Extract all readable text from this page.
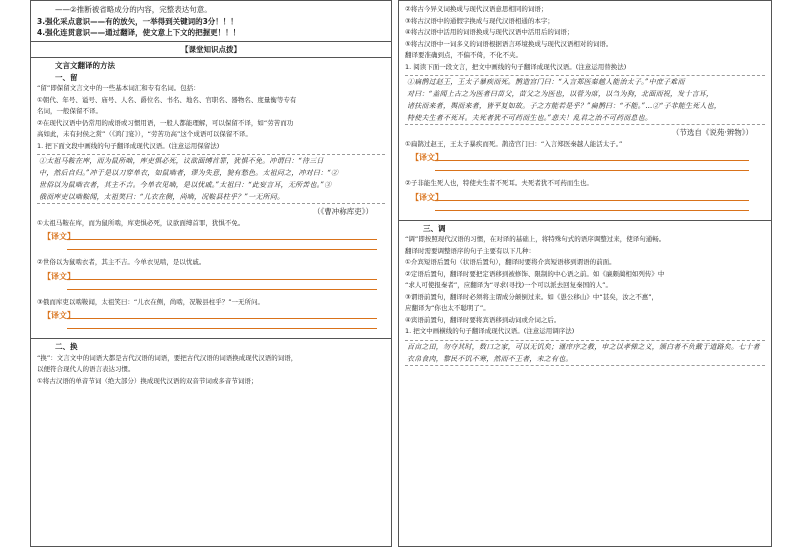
——②推断被省略成分的内容，完整表达句意。
3.强化采点意识——有的放矢，一举得到关键词的3分！！！
4.强化连贯意识——通过翻译，使文意上下文的把握更！！！
【课堂知识点拨】
文言文翻译的方法
一、留
“留”即保留文言文中的一些基本词汇和专有名词。包括：
①朝代、年号、谥号、庙号、人名、爵位名、书名、地名、官职名、器物名、度量衡等专有
名词，一般保留不译。
②在现代汉语中仍常用的成语或习惯用语，一般人都能理解，可以保留不译，如“劳苦而功
高如此，未有封侯之赏”（《鸿门宴》），“劳苦功高”这个成语可以保留不译。
1. 把下面文段中画线的句子翻译成现代汉语。(注意运用保留法)
①太祖马鞍在库，而为鼠所啮，库吏惧必死，议欲面缚首罪，犹惧不免。冲谓曰：“待三日
中，然后自归。”冲于是以刀穿单衣，如鼠啮者，谬为失意，貌有愁色。太祖问之，冲对曰：“②
世俗以为鼠啮衣者，其主不吉。今单衣见啮，是以忧戚。”太祖曰：“此妄言耳，无所苦也。”③
俄而库吏以啮鞍闻，太祖笑曰：“儿衣在侧，尚啮，况鞍县柱乎？”一无所问。
（《曹冲称库吏》）
①太祖马鞍在库，而为鼠所啮，库吏惧必死，议欲面缚首罪，犹惧不免。
【译文】
②世俗以为鼠啮衣者，其主不吉。今单衣见啮，是以忧戚。
【译文】
③俄而库吏以啮鞍闻，太祖笑曰：“儿衣在侧，尚啮，况鞍县柱乎？”一无所问。
【译文】
二、换
“换”：文言文中的词语大都是古代汉语的词语，要把古代汉语的词语换成现代汉语的词语，
以便符合现代人的语言表达习惯。
①将古汉语的单音节词（绝大部分）换成现代汉语的双音节词或多音节词语；
②将古今异义词换成与现代汉语意思相同的词语；
③将古汉语中的通假字换成与现代汉语相通的本字；
④将古汉语中活用的词语换成与现代汉语中活用后的词语；
⑤将古汉语中一词多义的词语根据语言环境换成与现代汉语相对的词语。
翻译要准确到点，不偏不倚，不化不夹。
1. 阅读下面一段文言，把文中画线的句子翻译成现代汉语。(注意运用替换法)
①扁鹊过赵王，王太子暴疾而死。鹊造宫门曰：“入言郑医秦越人能治太子。”中庶子难而
对曰：“盖闻上古之为医者曰苗父，苗父之为医也，以菅为席，以刍为狗，北面而祝，发十言耳，
诸扶而来者，舆而来者，皆平复如故。子之方能若是乎？”扁鹊曰：“不能。”…②“子非能生死人也，
特使夫生者不死耳。夫死者犹不可药而生也。”悲夫！乱君之治不可药而息也。
（节选自《说苑·辨物》）
①扁鹊过赵王，王太子暴疾而死。鹊造宫门曰：“入言郑医秦越人能活太子。”
【译文】
②子非能生死人也，特使夫生者不死耳。夫死者犹不可药而生也。
【译文】
三、调
“调”即按照现代汉语的习惯，在对译的基础上，将特殊句式的语序调整过来，使译句通畅。
翻译时需要调整语序的句子主要有以下几种：
①介宾短语后置句（状语后置句），翻译时要将介宾短语移到谓语的前面。
②定语后置句，翻译时要把定语移到被修饰、限制的中心语之前。如《廉颇蔺相如列传》中
“求人可使报秦者”，应翻译为“寻求(寻找)一个可以派去回复秦国的人”。
③谓语前置句，翻译时必须将主谓成分颠倒过来。如《愚公移山》中“甚矣，汝之不惠”，
应翻译为“你也太不聪明了”。
④宾语前置句，翻译时要将宾语移到动词或介词之后。
1. 把文中画横线的句子翻译成现代汉语。(注意运用调序法)
百亩之田，勿夺其时，数口之家，可以无饥矣；谨庠序之教，申之以孝悌之义，颁白者不负戴于道路矣。七十者衣帛食肉，黎民不饥不寒，然而不王者，未之有也。
